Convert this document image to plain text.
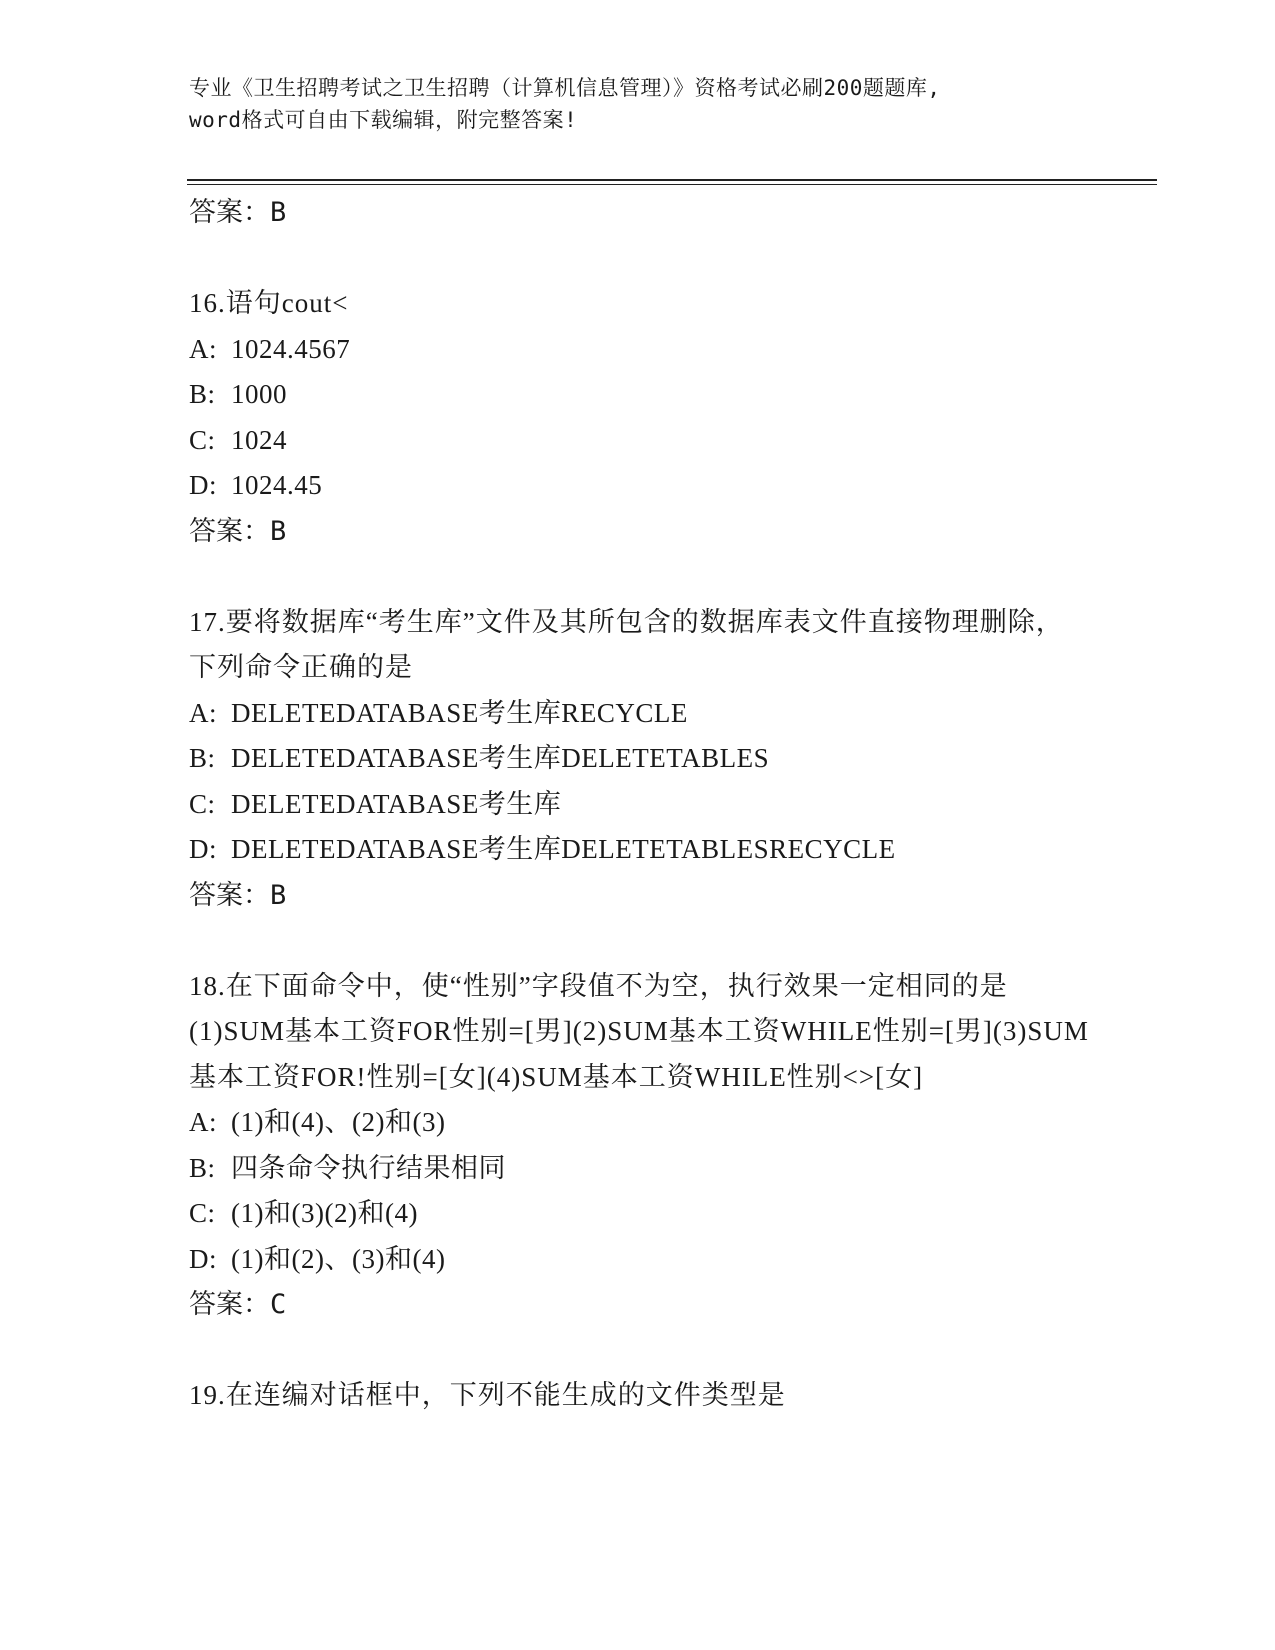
专业《卫生招聘考试之卫生招聘（计算机信息管理）》资格考试必刷200题题库,
word格式可自由下载编辑，附完整答案!
答案：B
16.语句cout<
A: 1024.4567
B: 1000
C: 1024
D: 1024.45
答案：B
17.要将数据库“考生库”文件及其所包含的数据库表文件直接物理删除，下列命令正确的是
A: DELETEDATABASE考生库RECYCLE
B: DELETEDATABASE考生库DELETETABLES
C: DELETEDATABASE考生库
D: DELETEDATABASE考生库DELETETABLESRECYCLE
答案：B
18.在下面命令中，使“性别”字段值不为空，执行效果一定相同的是(1)SUM基本工资FOR性别=[男](2)SUM基本工资WHILE性别=[男](3)SUM基本工资FOR!性别=[女](4)SUM基本工资WHILE性别<>[女]
A: (1)和(4)、(2)和(3)
B: 四条命令执行结果相同
C: (1)和(3)(2)和(4)
D: (1)和(2)、(3)和(4)
答案：C
19.在连编对话框中，下列不能生成的文件类型是
